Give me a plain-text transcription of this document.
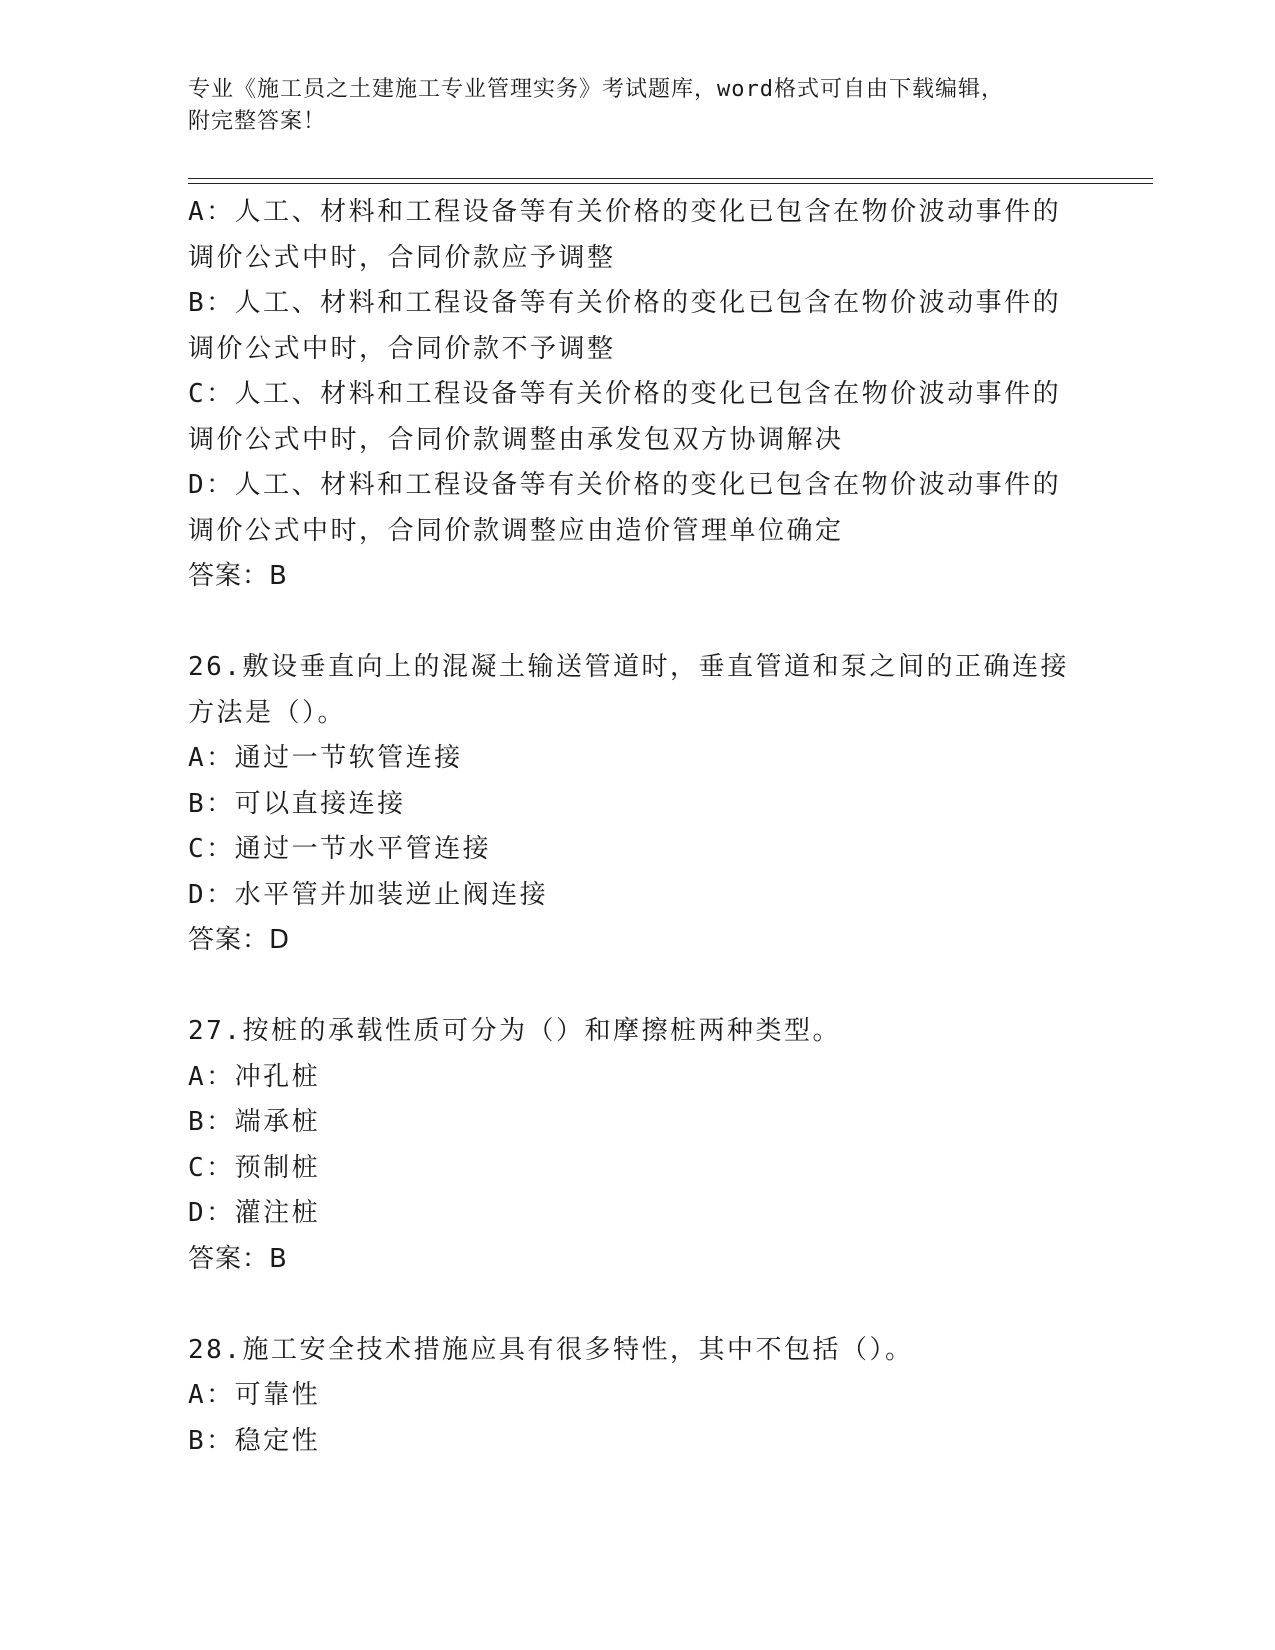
专业《施工员之土建施工专业管理实务》考试题库，word格式可自由下载编辑，
附完整答案！
A：人工、材料和工程设备等有关价格的变化已包含在物价波动事件的
调价公式中时，合同价款应予调整
B：人工、材料和工程设备等有关价格的变化已包含在物价波动事件的
调价公式中时，合同价款不予调整
C：人工、材料和工程设备等有关价格的变化已包含在物价波动事件的
调价公式中时，合同价款调整由承发包双方协调解决
D：人工、材料和工程设备等有关价格的变化已包含在物价波动事件的
调价公式中时，合同价款调整应由造价管理单位确定
答案：B
26.敷设垂直向上的混凝土输送管道时，垂直管道和泵之间的正确连接
方法是（）。
A：通过一节软管连接
B：可以直接连接
C：通过一节水平管连接
D：水平管并加装逆止阀连接
答案：D
27.按桩的承载性质可分为（）和摩擦桩两种类型。
A：冲孔桩
B：端承桩
C：预制桩
D：灌注桩
答案：B
28.施工安全技术措施应具有很多特性，其中不包括（）。
A：可靠性
B：稳定性
